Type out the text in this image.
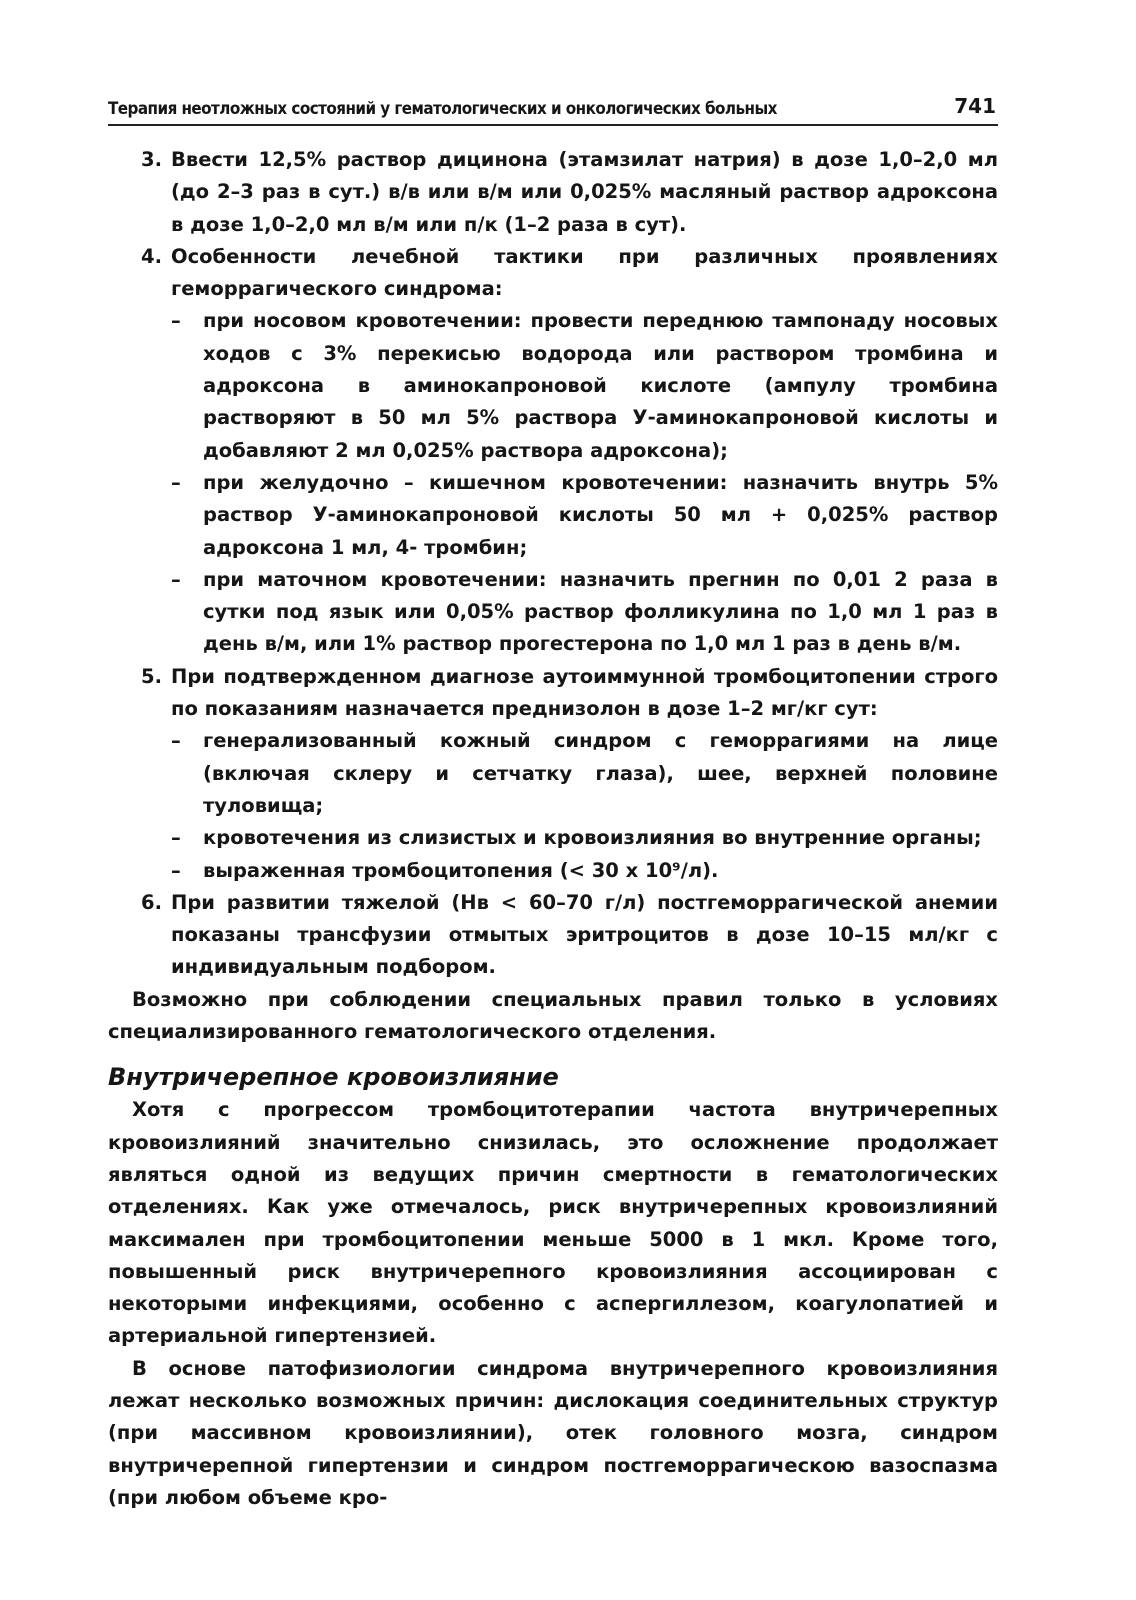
Терапия неотложных состояний у гематологических и онкологических больных	741
3. Ввести 12,5% раствор дицинона (этамзилат натрия) в дозе 1,0–2,0 мл (до 2–3 раз в сут.) в/в или в/м или 0,025% масляный раствор адроксона в дозе 1,0–2,0 мл в/м или п/к (1–2 раза в сут).
4. Особенности лечебной тактики при различных проявлениях геморрагического синдрома:
–	при носовом кровотечении: провести переднюю тампонаду носовых ходов с 3% перекисью водорода или раствором тромбина и адроксона в аминокапроновой кислоте (ампулу тромбина растворяют в 50 мл 5% раствора У-аминокапроновой кислоты и добавляют 2 мл 0,025% раствора адроксона);
–	при желудочно – кишечном кровотечении: назначить внутрь 5% раствор У-аминокапроновой кислоты 50 мл + 0,025% раствор адроксона 1 мл, 4- тромбин;
–	при маточном кровотечении: назначить прегнин по 0,01 2 раза в сутки под язык или 0,05% раствор фолликулина по 1,0 мл 1 раз в день в/м, или 1% раствор прогестерона по 1,0 мл 1 раз в день в/м.
5. При подтвержденном диагнозе аутоиммунной тромбоцитопении строго по показаниям назначается преднизолон в дозе 1–2 мг/кг сут:
–	генерализованный кожный синдром с геморрагиями на лице (включая склеру и сетчатку глаза), шее, верхней половине туловища;
–	кровотечения из слизистых и кровоизлияния во внутренние органы;
–	выраженная тромбоцитопения (< 30 х 10⁹/л).
6. При развитии тяжелой (Нв < 60–70 г/л) постгеморрагической анемии показаны трансфузии отмытых эритроцитов в дозе 10–15 мл/кг с индивидуальным подбором.

Возможно при соблюдении специальных правил только в условиях специализированного гематологического отделения.

Внутричерепное кровоизлияние

Хотя с прогрессом тромбоцитотерапии частота внутричерепных кровоизлияний значительно снизилась, это осложнение продолжает являться одной из ведущих причин смертности в гематологических отделениях. Как уже отмечалось, риск внутричерепных кровоизлияний максимален при тромбоцитопении меньше 5000 в 1 мкл. Кроме того, повышенный риск внутричерепного кровоизлияния ассоциирован с некоторыми инфекциями, особенно с аспергиллезом, коагулопатией и артериальной гипертензией.

В основе патофизиологии синдрома внутричерепного кровоизлияния лежат несколько возможных причин: дислокация соединительных структур (при массивном кровоизлиянии), отек головного мозга, синдром внутричерепной гипертензии и синдром постгеморрагическою вазоспазма (при любом объеме кро-
